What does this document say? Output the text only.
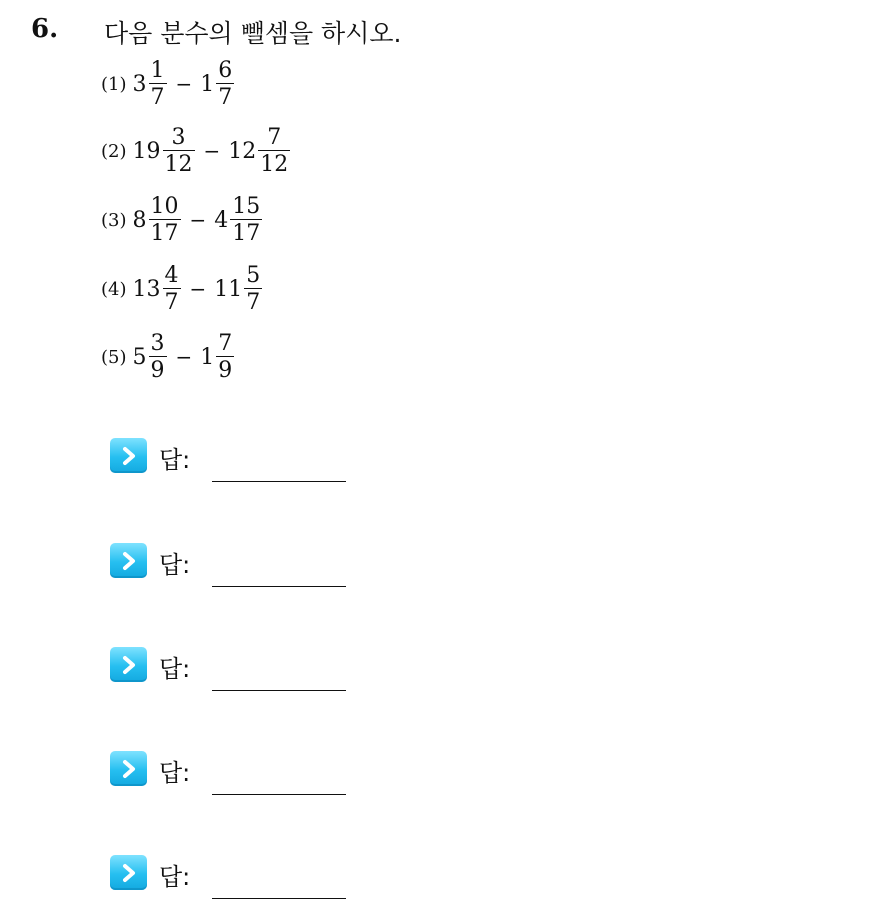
6. 다음 분수의 뺄셈을 하시오.
(1) $3 \frac{1}{7} - 1 \frac{6}{7}$
(2) $19 \frac{3}{12} - 12 \frac{7}{12}$
(3) $8 \frac{10}{17} - 4 \frac{15}{17}$
(4) $13 \frac{4}{7} - 11 \frac{5}{7}$
(5) $5 \frac{3}{9} - 1 \frac{7}{9}$
답:
답:
답:
답:
답:
